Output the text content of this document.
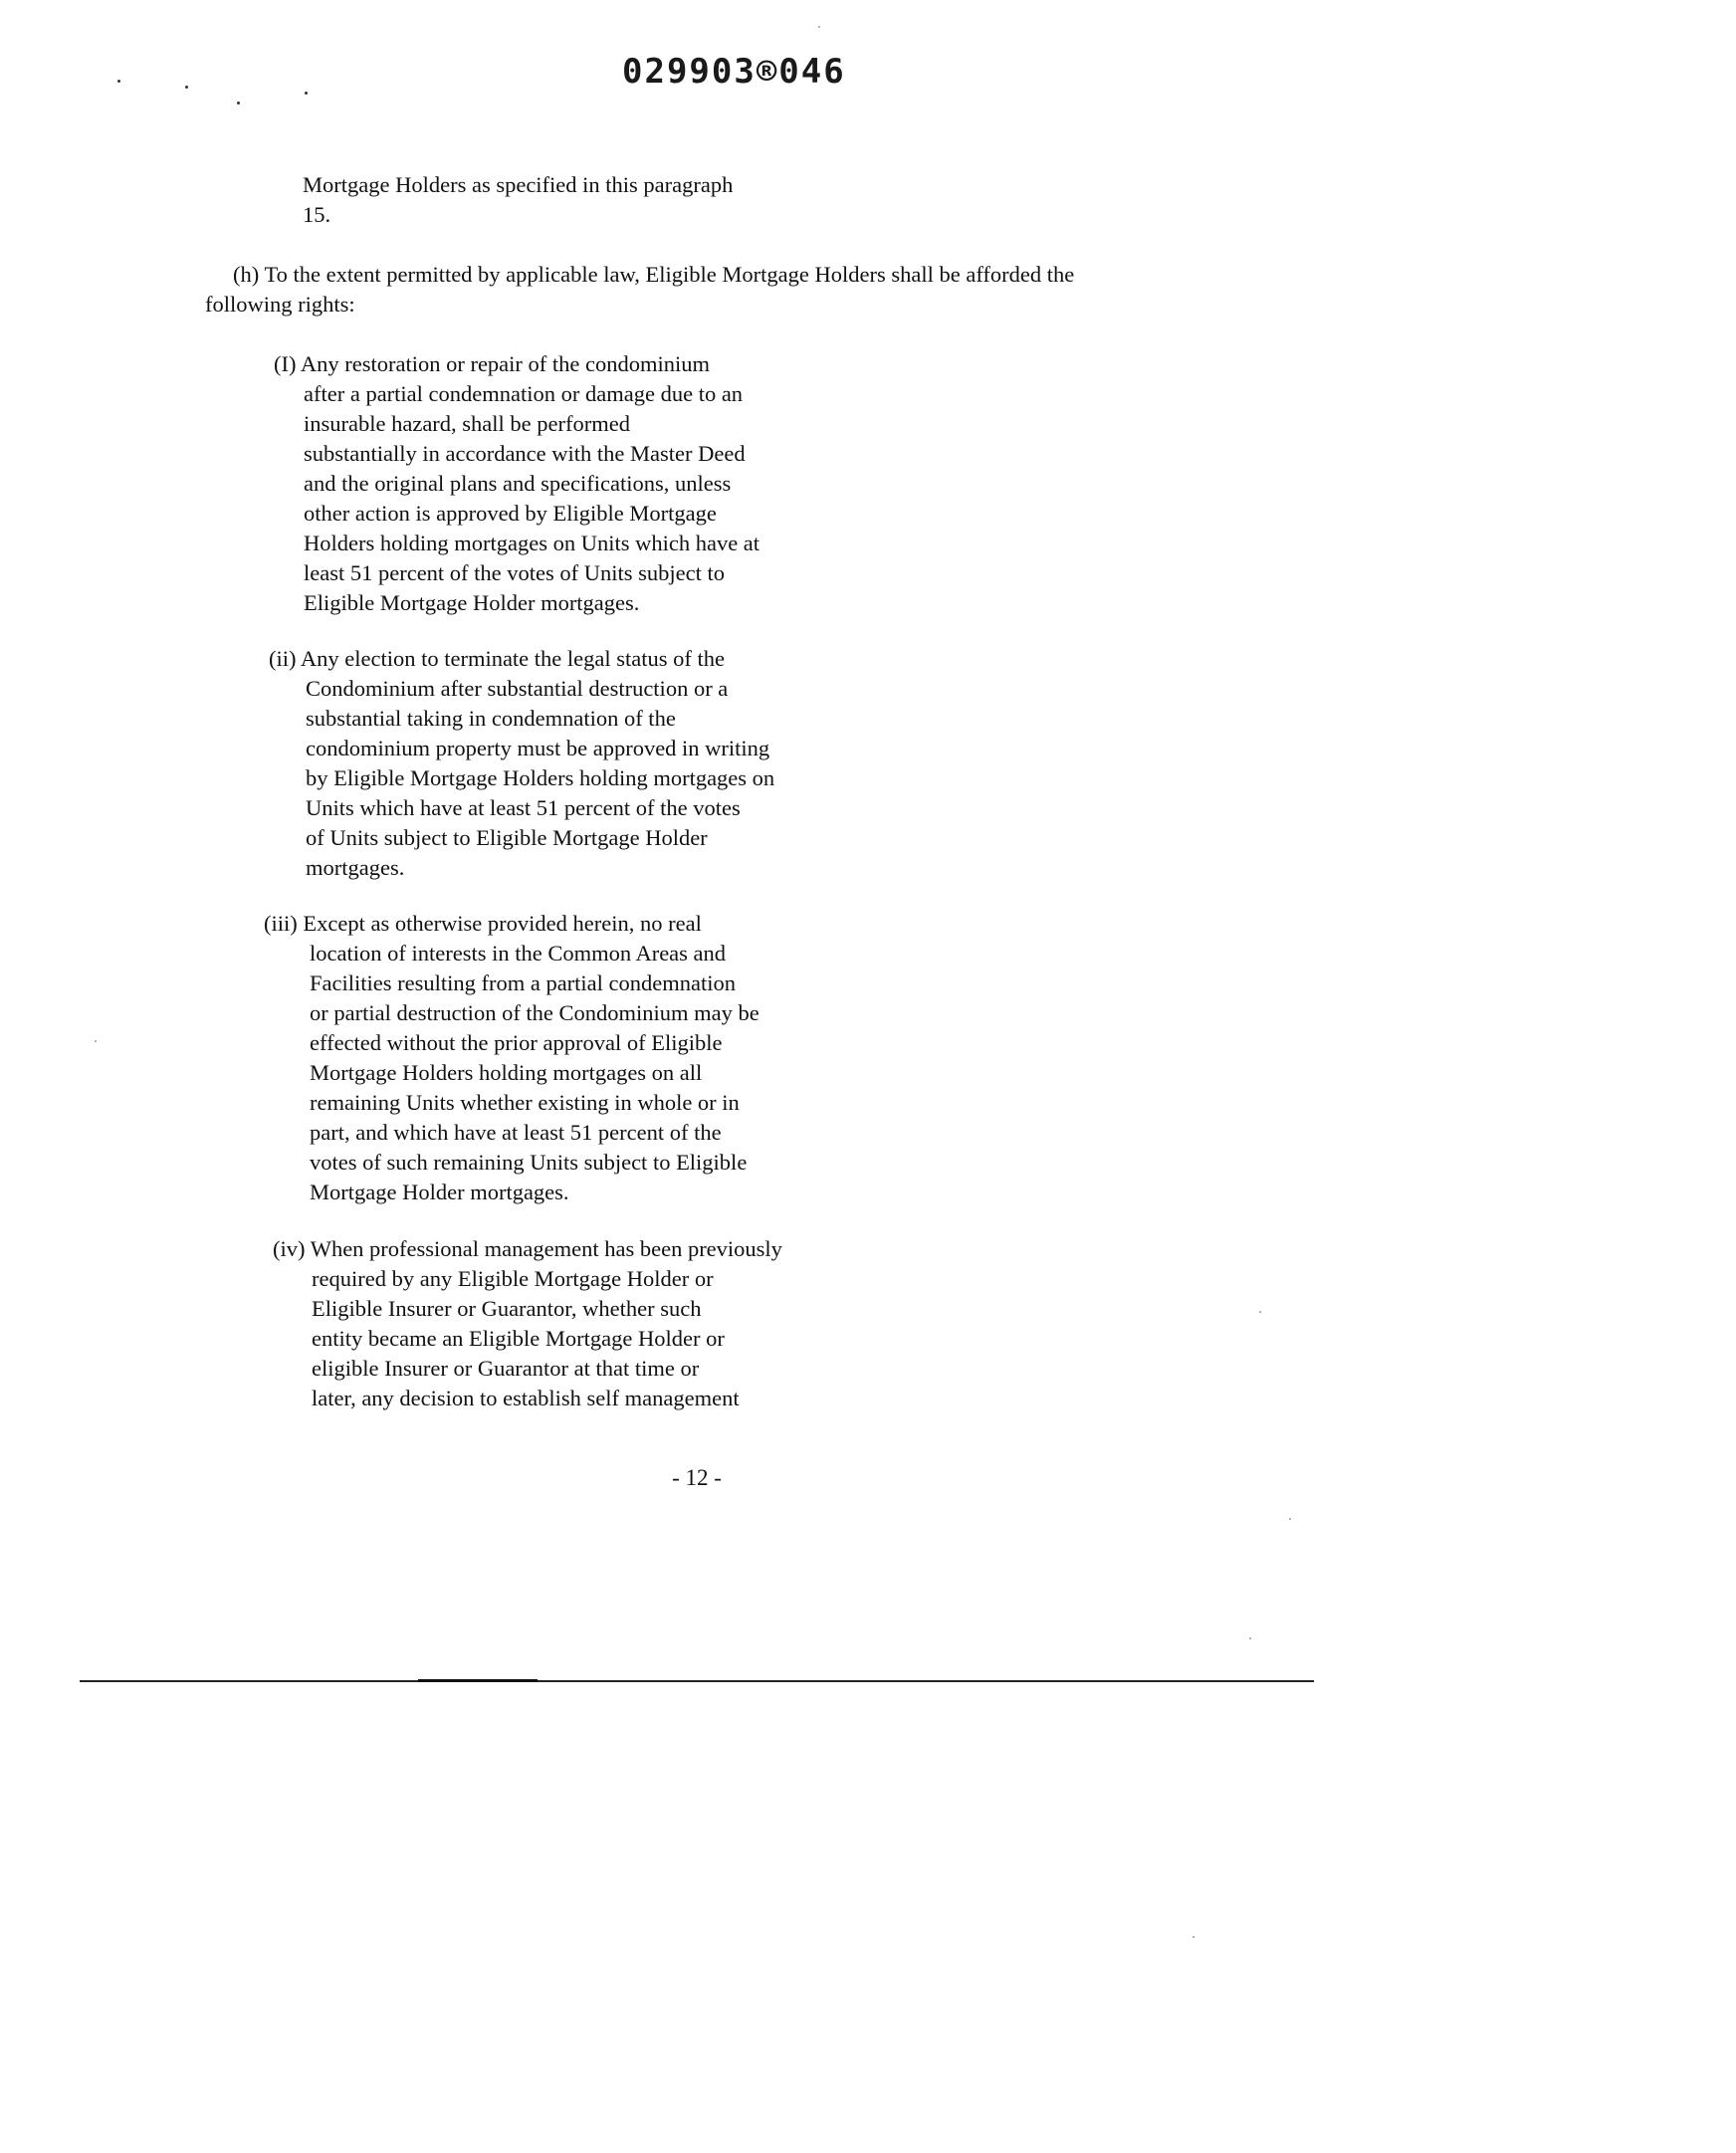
029903®046
Mortgage Holders as specified in this paragraph
15.
(h) To the extent permitted by applicable law, Eligible Mortgage Holders shall be afforded the
following rights:
(I) Any restoration or repair of the condominium
after a partial condemnation or damage due to an
insurable hazard, shall be performed
substantially in accordance with the Master Deed
and the original plans and specifications, unless
other action is approved by Eligible Mortgage
Holders holding mortgages on Units which have at
least 51 percent of the votes of Units subject to
Eligible Mortgage Holder mortgages.
(ii) Any election to terminate the legal status of the
Condominium after substantial destruction or a
substantial taking in condemnation of the
condominium property must be approved in writing
by Eligible Mortgage Holders holding mortgages on
Units which have at least 51 percent of the votes
of Units subject to Eligible Mortgage Holder
mortgages.
(iii) Except as otherwise provided herein, no real
location of interests in the Common Areas and
Facilities resulting from a partial condemnation
or partial destruction of the Condominium may be
effected without the prior approval of Eligible
Mortgage Holders holding mortgages on all
remaining Units whether existing in whole or in
part, and which have at least 51 percent of the
votes of such remaining Units subject to Eligible
Mortgage Holder mortgages.
(iv) When professional management has been previously
required by any Eligible Mortgage Holder or
Eligible Insurer or Guarantor, whether such
entity became an Eligible Mortgage Holder or
eligible Insurer or Guarantor at that time or
later, any decision to establish self management
- 12 -
